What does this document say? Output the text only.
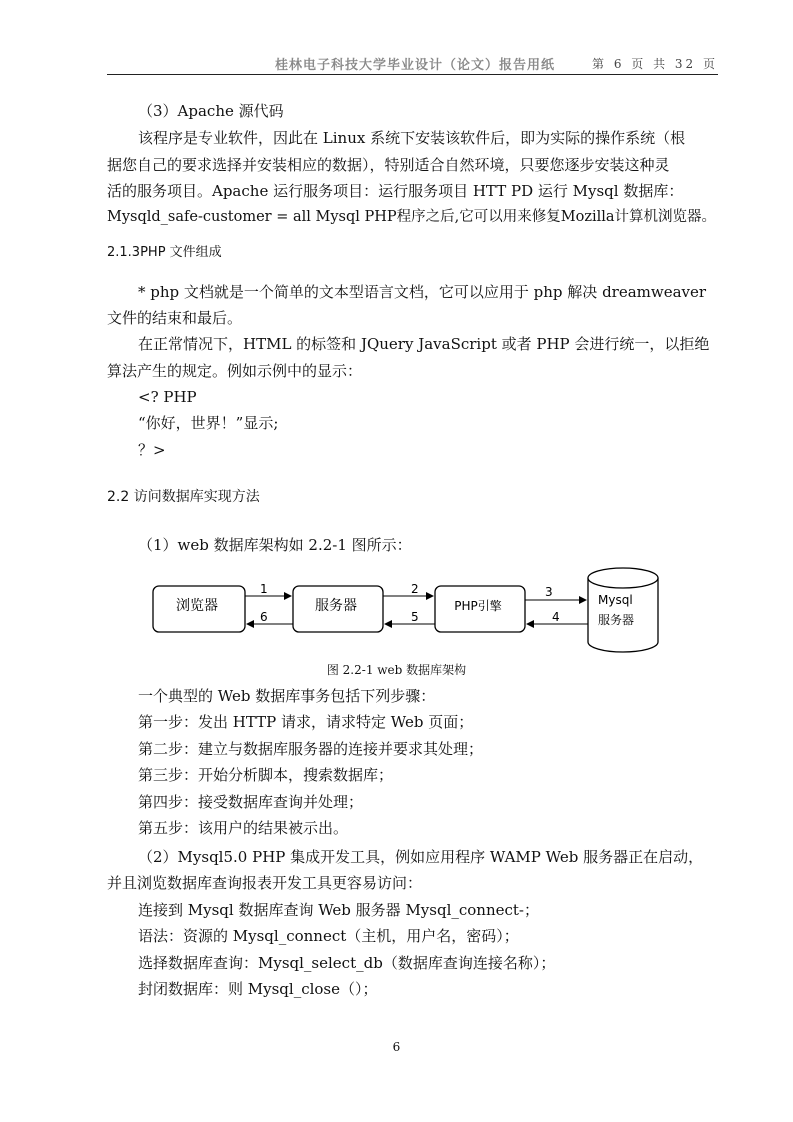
桂林电子科技大学毕业设计（论文）报告用纸	第 6 页 共 32 页
（3）Apache 源代码
该程序是专业软件，因此在 Linux 系统下安装该软件后，即为实际的操作系统（根
据您自己的要求选择并安装相应的数据），特别适合自然环境，只要您逐步安装这种灵
活的服务项目。Apache 运行服务项目：运行服务项目 HTT PD 运行 Mysql 数据库：
Mysqld_safe-customer = all Mysql PHP程序之后,它可以用来修复Mozilla计算机浏览器。
2.1.3PHP 文件组成
* php 文档就是一个简单的文本型语言文档，它可以应用于 php 解决 dreamweaver
文件的结束和最后。
在正常情况下，HTML 的标签和 JQuery JavaScript 或者 PHP 会进行统一，以拒绝
算法产生的规定。例如示例中的显示：
<? PHP
“你好，世界！”显示;
？>
2.2 访问数据库实现方法
（1）web 数据库架构如 2.2-1 图所示：
浏览器	服务器	PHP引擎	Mysql
服务器
1
6
2
5
3
4
图 2.2-1 web 数据库架构
一个典型的 Web 数据库事务包括下列步骤：
第一步：发出 HTTP 请求，请求特定 Web 页面；
第二步：建立与数据库服务器的连接并要求其处理；
第三步：开始分析脚本，搜索数据库；
第四步：接受数据库查询并处理；
第五步：该用户的结果被示出。
（2）Mysql5.0 PHP 集成开发工具，例如应用程序 WAMP Web 服务器正在启动，
并且浏览数据库查询报表开发工具更容易访问：
连接到 Mysql 数据库查询 Web 服务器 Mysql_connect-；
语法：资源的 Mysql_connect（主机，用户名，密码）；
选择数据库查询：Mysql_select_db（数据库查询连接名称）；
封闭数据库：则 Mysql_close（）；
6
